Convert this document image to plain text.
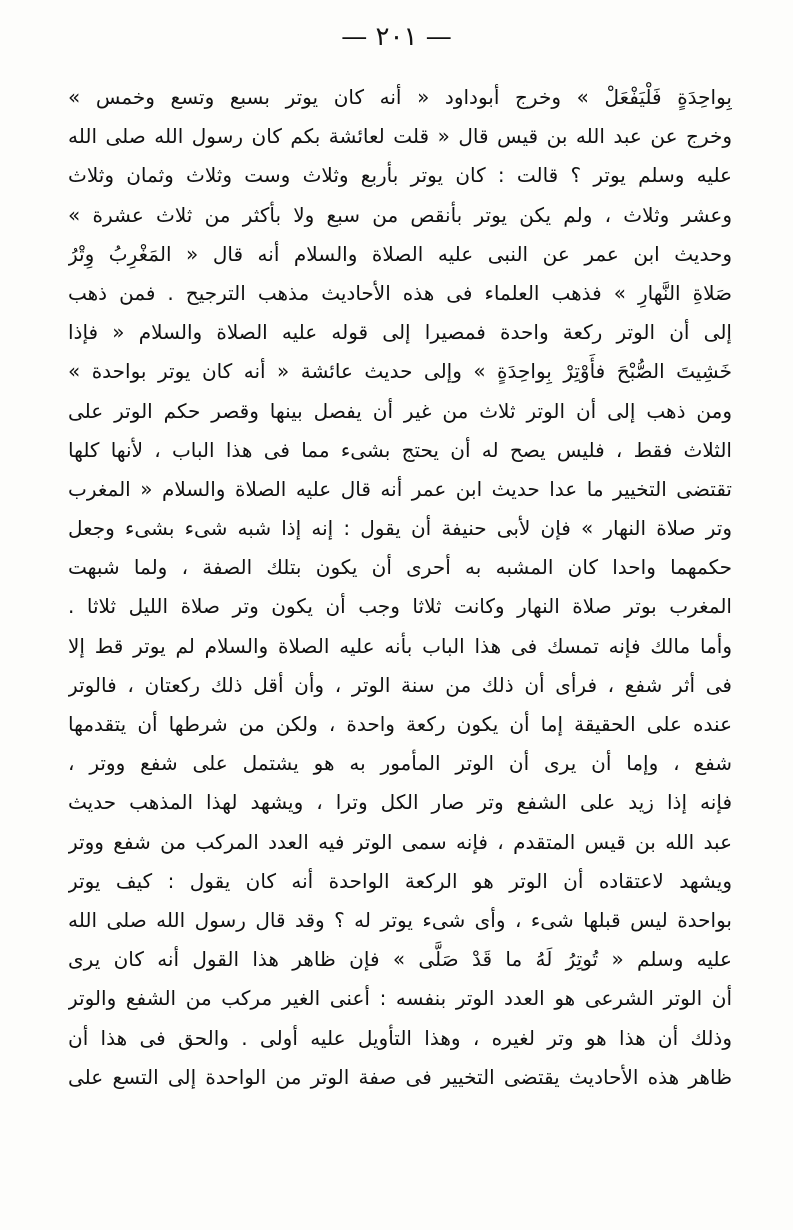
— ٢٠١ —
بِواحِدَةٍ فَلْيَفْعَلْ » وخرج أبوداود « أنه كان يوتر بسبع وتسع وخمس »
وخرج عن عبد الله بن قيس قال « قلت لعائشة بكم كان رسول الله صلى الله
عليه وسلم يوتر ؟ قالت : كان يوتر بأربع وثلاث وست وثلاث وثمان وثلاث
وعشر وثلاث ، ولم يكن يوتر بأنقص من سبع ولا بأكثر من ثلاث عشرة »
وحديث ابن عمر عن النبى عليه الصلاة والسلام أنه قال « المَغْرِبُ وِتْرُ
صَلاةِ النَّهارِ » فذهب العلماء فى هذه الأحاديث مذهب الترجيح . فمن ذهب
إلى أن الوتر ركعة واحدة فمصيرا إلى قوله عليه الصلاة والسلام « فإذا
خَشِيتَ الصُّبْحَ فأَوْتِرْ بِواحِدَةٍ » وإلى حديث عائشة « أنه كان يوتر بواحدة »
ومن ذهب إلى أن الوتر ثلاث من غير أن يفصل بينها وقصر حكم الوتر على
الثلاث فقط ، فليس يصح له أن يحتج بشىء مما فى هذا الباب ، لأنها كلها
تقتضى التخيير ما عدا حديث ابن عمر أنه قال عليه الصلاة والسلام « المغرب
وتر صلاة النهار » فإن لأبى حنيفة أن يقول : إنه إذا شبه شىء بشىء وجعل
حكمهما واحدا كان المشبه به أحرى أن يكون بتلك الصفة ، ولما شبهت
المغرب بوتر صلاة النهار وكانت ثلاثا وجب أن يكون وتر صلاة الليل ثلاثا .
وأما مالك فإنه تمسك فى هذا الباب بأنه عليه الصلاة والسلام لم يوتر قط إلا
فى أثر شفع ، فرأى أن ذلك من سنة الوتر ، وأن أقل ذلك ركعتان ، فالوتر
عنده على الحقيقة إما أن يكون ركعة واحدة ، ولكن من شرطها أن يتقدمها
شفع ، وإما أن يرى أن الوتر المأمور به هو يشتمل على شفع ووتر ،
فإنه إذا زيد على الشفع وتر صار الكل وترا ، ويشهد لهذا المذهب حديث
عبد الله بن قيس المتقدم ، فإنه سمى الوتر فيه العدد المركب من شفع ووتر
ويشهد لاعتقاده أن الوتر هو الركعة الواحدة أنه كان يقول : كيف يوتر
بواحدة ليس قبلها شىء ، وأى شىء يوتر له ؟ وقد قال رسول الله صلى الله
عليه وسلم « تُوتِرُ لَهُ ما قَدْ صَلَّى » فإن ظاهر هذا القول أنه كان يرى
أن الوتر الشرعى هو العدد الوتر بنفسه : أعنى الغير مركب من الشفع والوتر
وذلك أن هذا هو وتر لغيره ، وهذا التأويل عليه أولى . والحق فى هذا أن
ظاهر هذه الأحاديث يقتضى التخيير فى صفة الوتر من الواحدة إلى التسع على
